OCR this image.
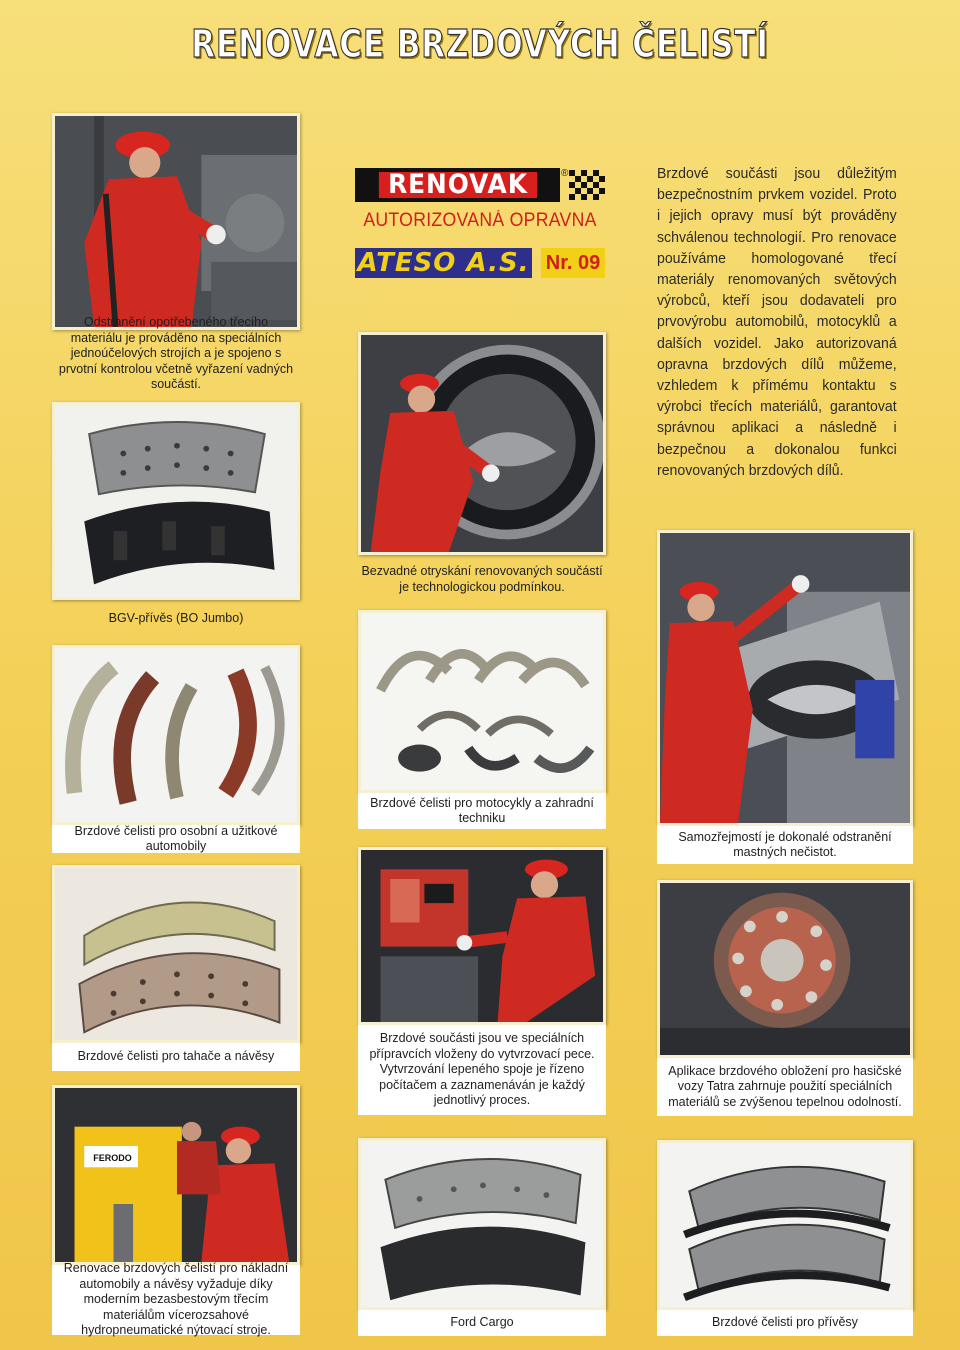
RENOVACE BRZDOVÝCH ČELISTÍ
Odstranění opotřebeného třecího materiálu je prováděno na speciálních jednoúčelových strojích a je spojeno s prvotní kontrolou včetně vyřazení vadných součástí.
RENOVAK	®
AUTORIZOVANÁ OPRAVNA
ATESO A.S. Nr. 09
Brzdové součásti jsou důležitým bezpečnostním prvkem vozidel. Proto i jejich opravy musí být prováděny schválenou technologií. Pro renovace používáme homologované třecí materiály renomovaných světových výrobců, kteří jsou dodavateli pro prvovýrobu automobilů, motocyklů a dalších vozidel. Jako autorizovaná opravna brzdových dílů můžeme, vzhledem k přímému kontaktu s výrobci třecích materiálů, garantovat správnou aplikaci a následně i bezpečnou a dokonalou funkci renovovaných brzdových dílů.
Bezvadné otryskání renovovaných součástí je technologickou podmínkou.
BGV-přívěs (BO Jumbo)
Samozřejmostí je dokonalé odstranění mastných nečistot.
Brzdové čelisti pro osobní a užitkové automobily
Brzdové čelisti pro motocykly a zahradní techniku
Brzdové čelisti pro tahače a návěsy
Brzdové součásti jsou ve speciálních přípravcích vloženy do vytvrzovací pece. Vytvrzování lepeného spoje je řízeno počítačem a zaznamenáván je každý jednotlivý proces.
Aplikace brzdového obložení pro hasičské vozy Tatra zahrnuje použití speciálních materiálů se zvýšenou tepelnou odolností.
FERODO
Renovace brzdových čelistí pro nákladní automobily a návěsy vyžaduje díky moderním bezasbestovým třecím materiálům vícerozsahové hydropneumatické nýtovací stroje.
Ford Cargo	Brzdové čelisti pro přívěsy
